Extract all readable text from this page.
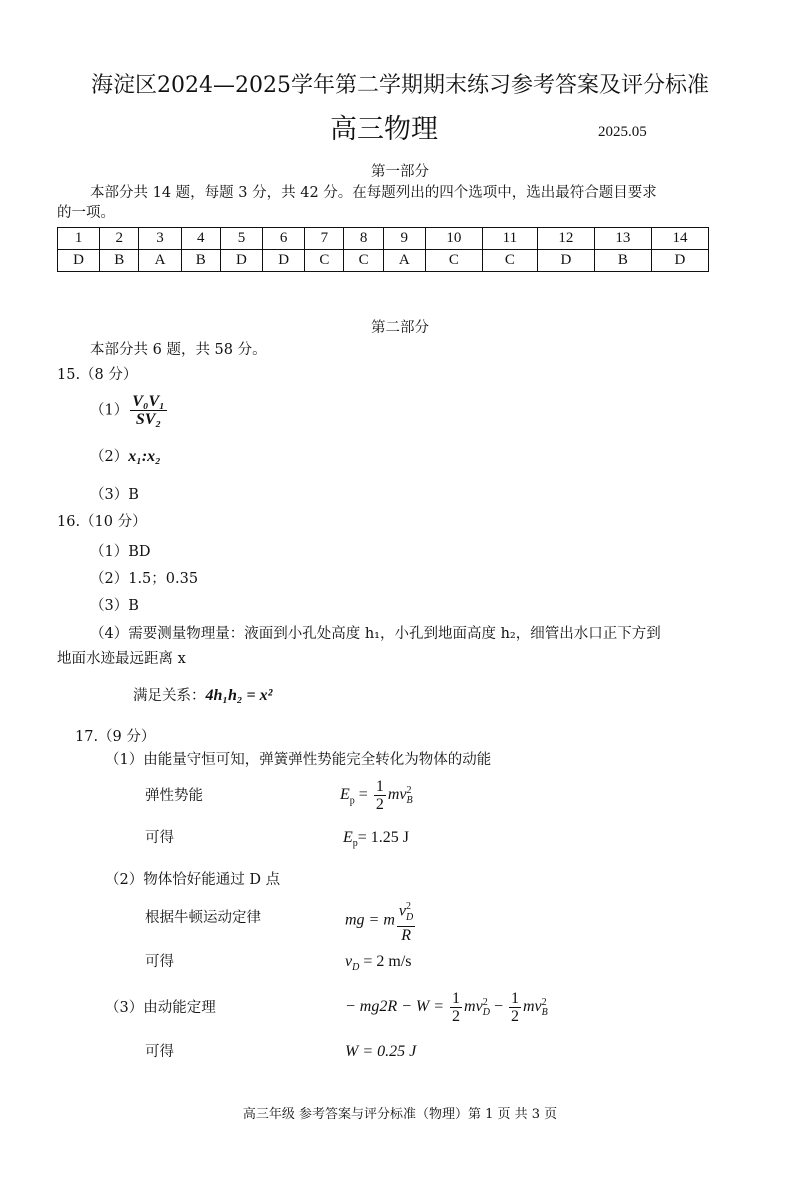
海淀区2024—2025学年第二学期期末练习参考答案及评分标准
高三物理	2025.05
第一部分
本部分共 14 题，每题 3 分，共 42 分。在每题列出的四个选项中，选出最符合题目要求
的一项。
1	2	3	4	5	6	7	8	9	10	11	12	13	14
D	B	A	B	D	D	C	C	A	C	C	D	B	D
第二部分
本部分共 6 题，共 58 分。
15.（8 分）
$(1) \frac{\text{V₀V₁}}{\text{SV₂}}$
（2）x₁:x₂
（3）B
16.（10 分）
（1）BD
（2）1.5；0.35
（3）B
（4）需要测量物理量：液面到小孔处高度 h₁，小孔到地面高度 h₂，细管出水口正下方到
地面水迹最远距离 x
满足关系：4h₁h₂ = x²
17.（9 分）
（1）由能量守恒可知，弹簧弹性势能完全转化为物体的动能
弹性势能	$E_p = \frac{1}{2} mv^2_B$
可得	$E_p= 1.25$ J
（2）物体恰好能通过 D 点
根据牛顿运动定律	mg = m $\frac{v^2_D}{R}$
可得	$v_D = 2$ m/s
（3）由动能定理	− $mg2R - W = \frac{1}{2} mv^2_D - \frac{1}{2} mv^2_B$
可得	W = 0.25 J
高三年级 参考答案与评分标准（物理）第 1 页 共 3 页
